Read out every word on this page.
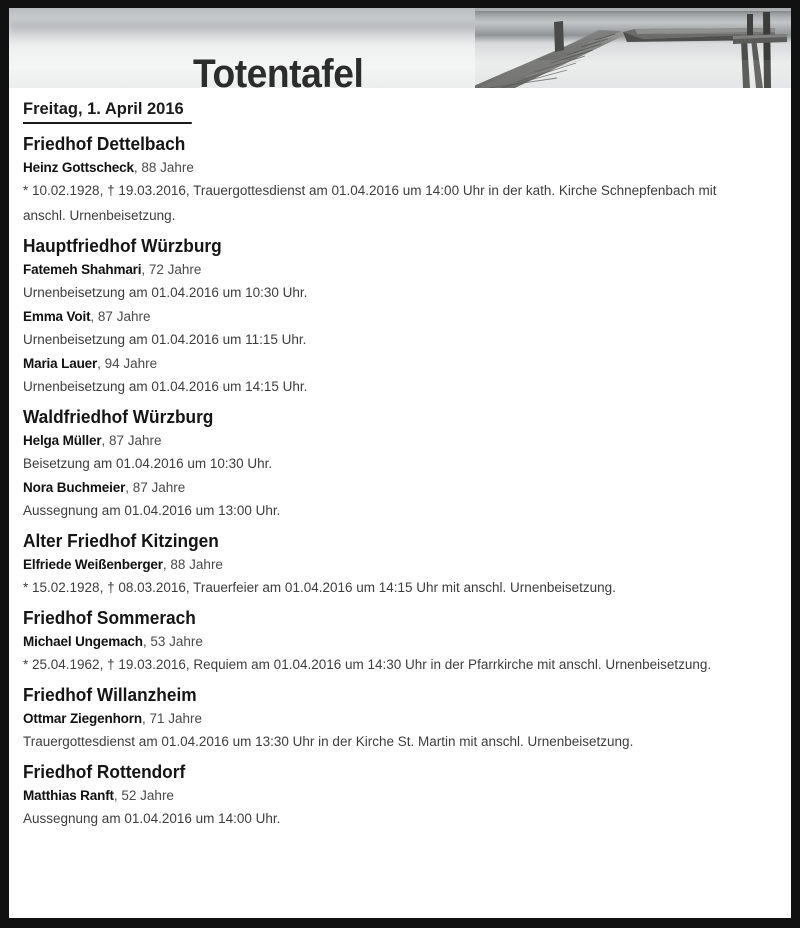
Totentafel
Freitag, 1. April 2016
Friedhof Dettelbach

Heinz Gottscheck, 88 Jahre

* 10.02.1928, † 19.03.2016, Trauergottesdienst am 01.04.2016 um 14:00 Uhr in der kath. Kirche Schnepfenbach mit anschl. Urnenbeisetzung.

Hauptfriedhof Würzburg

Fatemeh Shahmari, 72 Jahre

Urnenbeisetzung am 01.04.2016 um 10:30 Uhr.

Emma Voit, 87 Jahre

Urnenbeisetzung am 01.04.2016 um 11:15 Uhr.

Maria Lauer, 94 Jahre

Urnenbeisetzung am 01.04.2016 um 14:15 Uhr.

Waldfriedhof Würzburg

Helga Müller, 87 Jahre

Beisetzung am 01.04.2016 um 10:30 Uhr.

Nora Buchmeier, 87 Jahre

Aussegnung am 01.04.2016 um 13:00 Uhr.

Alter Friedhof Kitzingen

Elfriede Weißenberger, 88 Jahre

* 15.02.1928, † 08.03.2016, Trauerfeier am 01.04.2016 um 14:15 Uhr mit anschl. Urnenbeisetzung.

Friedhof Sommerach

Michael Ungemach, 53 Jahre

* 25.04.1962, † 19.03.2016, Requiem am 01.04.2016 um 14:30 Uhr in der Pfarrkirche mit anschl. Urnenbeisetzung.

Friedhof Willanzheim

Ottmar Ziegenhorn, 71 Jahre

Trauergottesdienst am 01.04.2016 um 13:30 Uhr in der Kirche St. Martin mit anschl. Urnenbeisetzung.

Friedhof Rottendorf

Matthias Ranft, 52 Jahre

Aussegnung am 01.04.2016 um 14:00 Uhr.
